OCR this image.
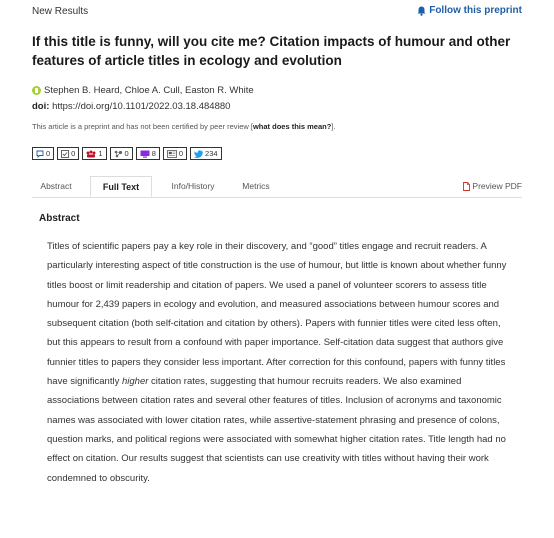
New Results	Follow this preprint
If this title is funny, will you cite me? Citation impacts of humour and other features of article titles in ecology and evolution
Stephen B. Heard, Chloe A. Cull, Easton R. White
doi: https://doi.org/10.1101/2022.03.18.484880
This article is a preprint and has not been certified by peer review [what does this mean?].
0	0	1	0	8	0	234
Abstract	Full Text	Info/History	Metrics	Preview PDF
Abstract

Titles of scientific papers pay a key role in their discovery, and “good” titles engage and recruit readers. A particularly interesting aspect of title construction is the use of humour, but little is known about whether funny titles boost or limit readership and citation of papers. We used a panel of volunteer scorers to assess title humour for 2,439 papers in ecology and evolution, and measured associations between humour scores and subsequent citation (both self-citation and citation by others). Papers with funnier titles were cited less often, but this appears to result from a confound with paper importance. Self-citation data suggest that authors give funnier titles to papers they consider less important. After correction for this confound, papers with funny titles have significantly higher citation rates, suggesting that humour recruits readers. We also examined associations between citation rates and several other features of titles. Inclusion of acronyms and taxonomic names was associated with lower citation rates, while assertive-statement phrasing and presence of colons, question marks, and political regions were associated with somewhat higher citation rates. Title length had no effect on citation. Our results suggest that scientists can use creativity with titles without having their work condemned to obscurity.
